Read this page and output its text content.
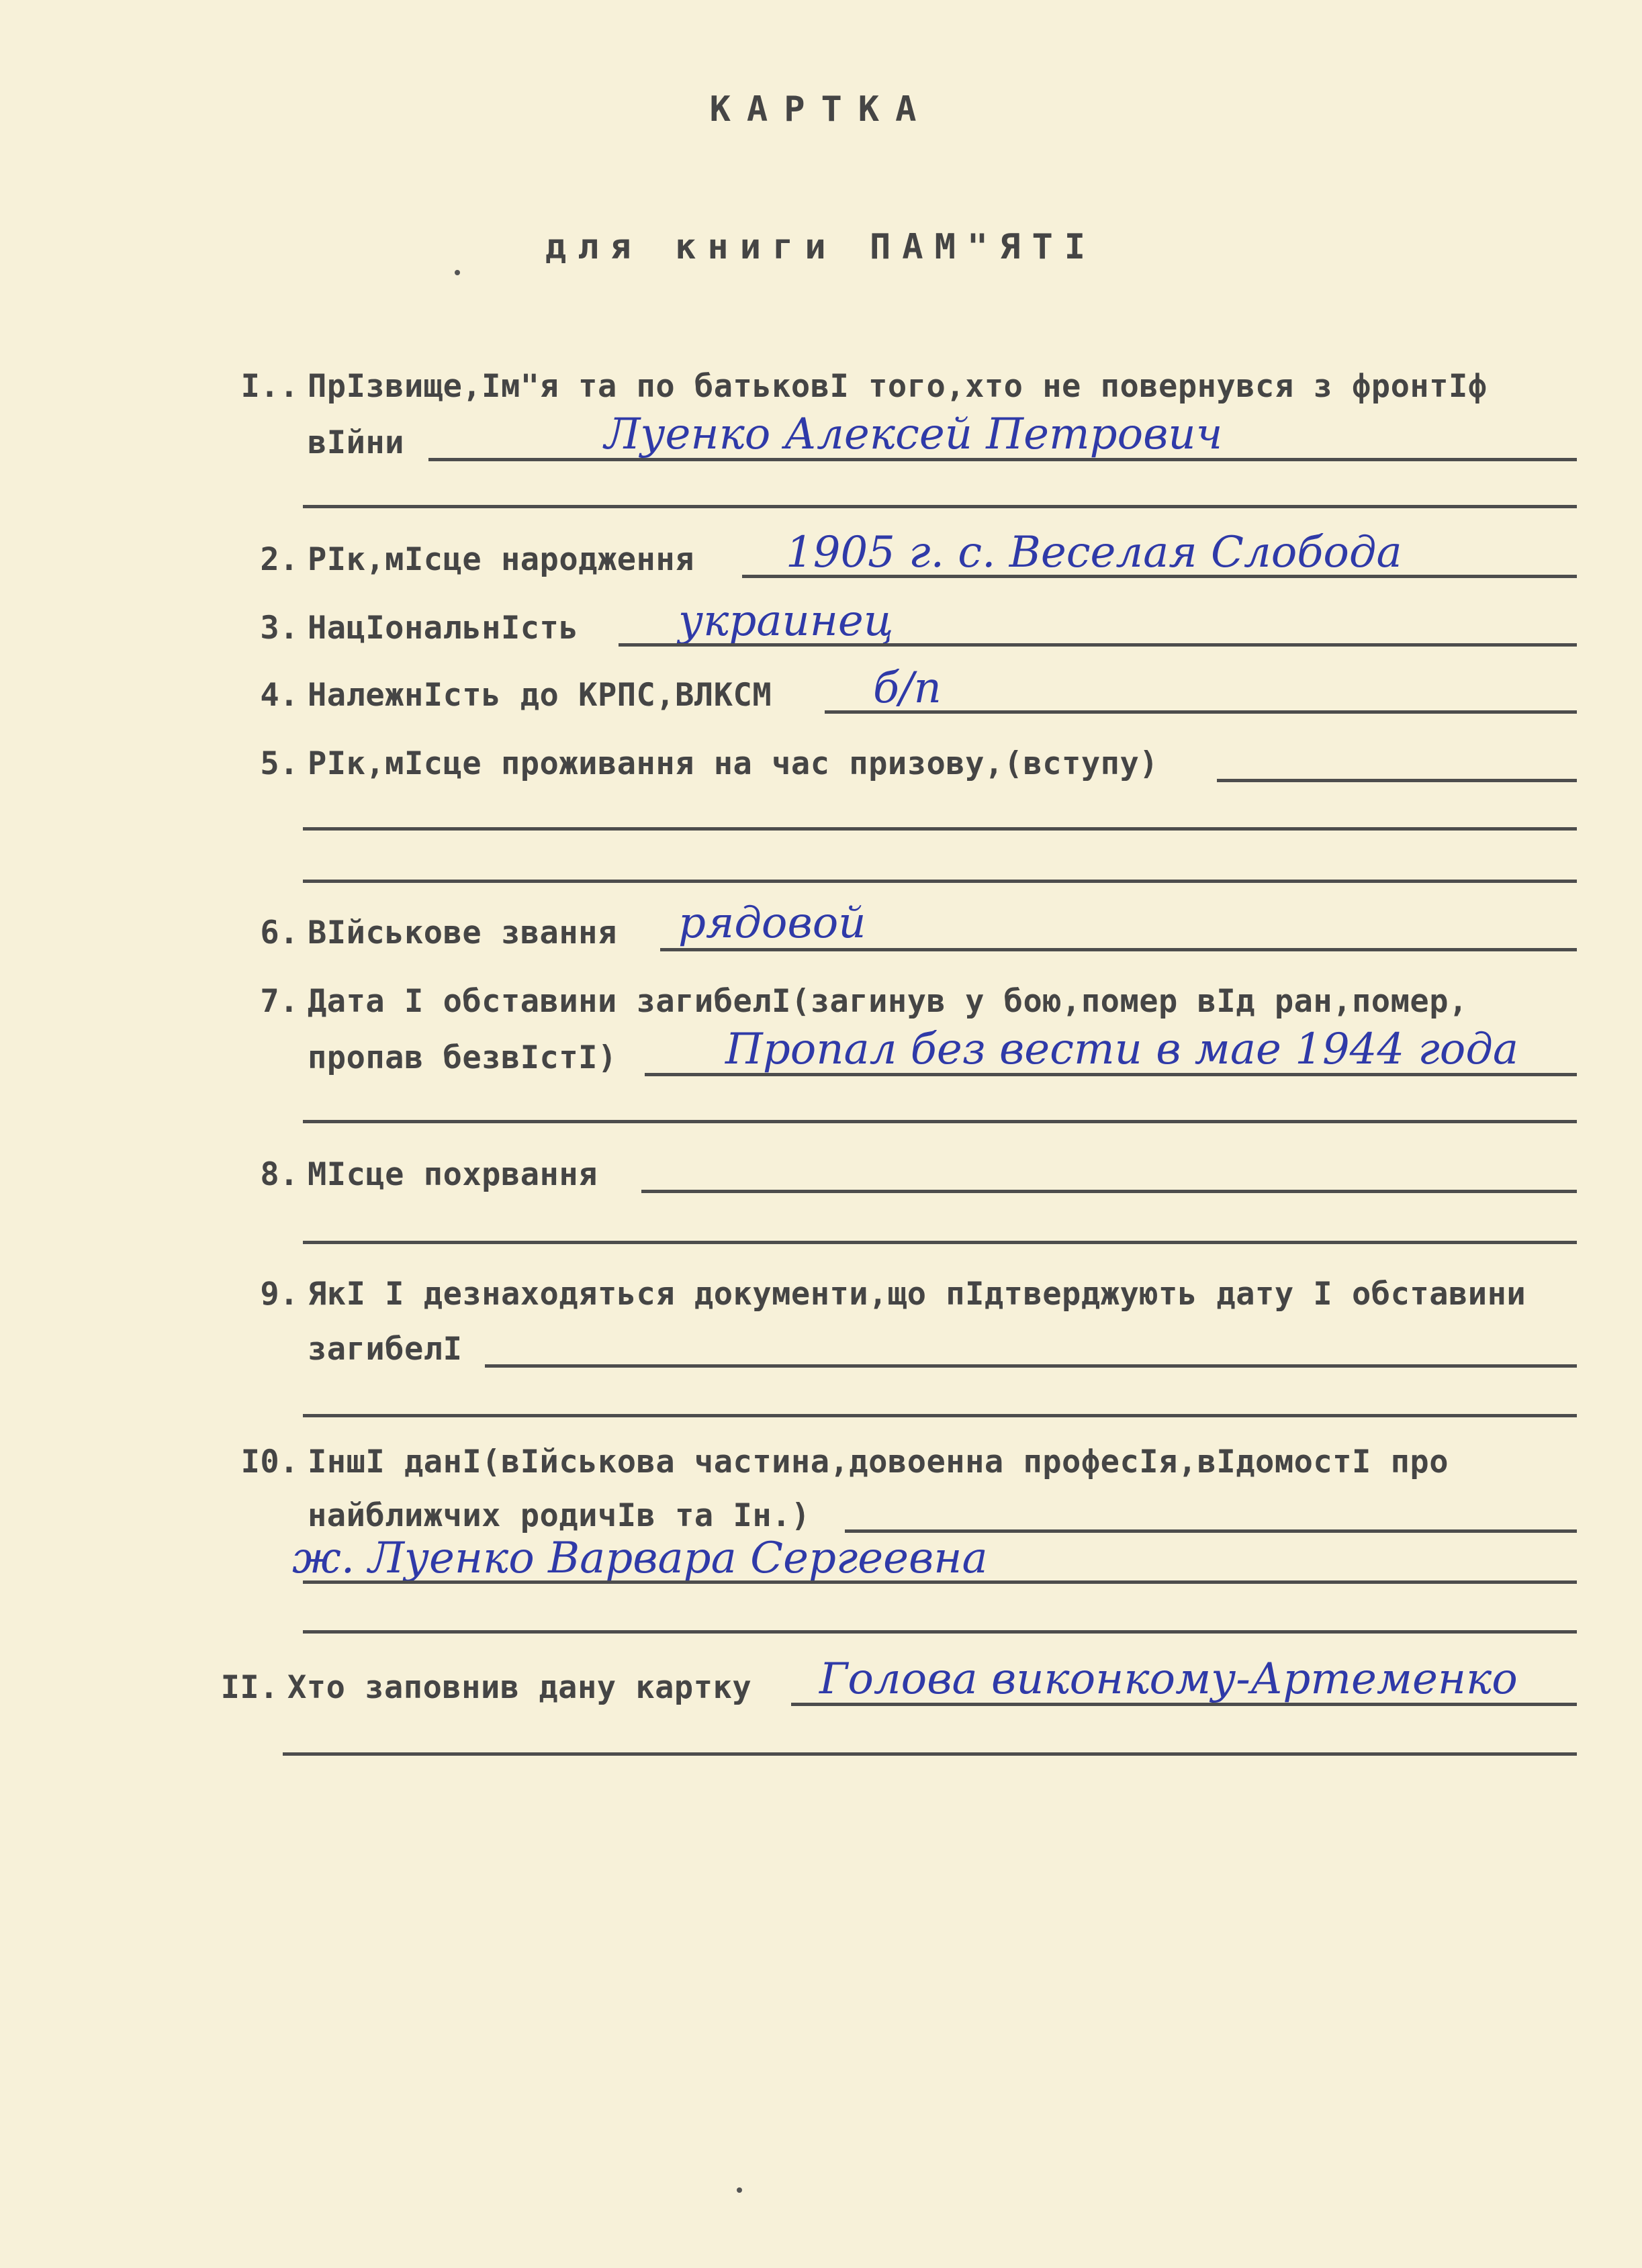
КАРТКА
для книги ПАМ"ЯТІ
І.. ПрІзвище,Ім"я та по батьковІ того,хто не повернувся з фронтІф
вІйни	Луенко Алексей Петрович
2. РІк,мІсце народження 1905 г. с. Веселая Слобода
3. НацІональнІсть украинец
4. НалежнІсть до КРПС,ВЛКСМ б/п
5. РІк,мІсце проживання на час призову,(вступу)
6. ВІйськове звання рядовой
7. Дата І обставини загибелІ(загинув у бою,помер вІд ран,помер,
пропав безвІстІ)	Пропал без вести в мае 1944 года
8. МІсце похрвання
9. ЯкІ І дезнаходяться документи,що пІдтверджують дату І обставини
загибелІ
І0. ІншІ данІ(вІйськова частина,довоенна професІя,вІдомостІ про
найближчих родичІв та Ін.)
ж. Луенко Варвара Сергеевна
ІІ. Хто заповнив дану картку Голова виконкому-Артеменко
